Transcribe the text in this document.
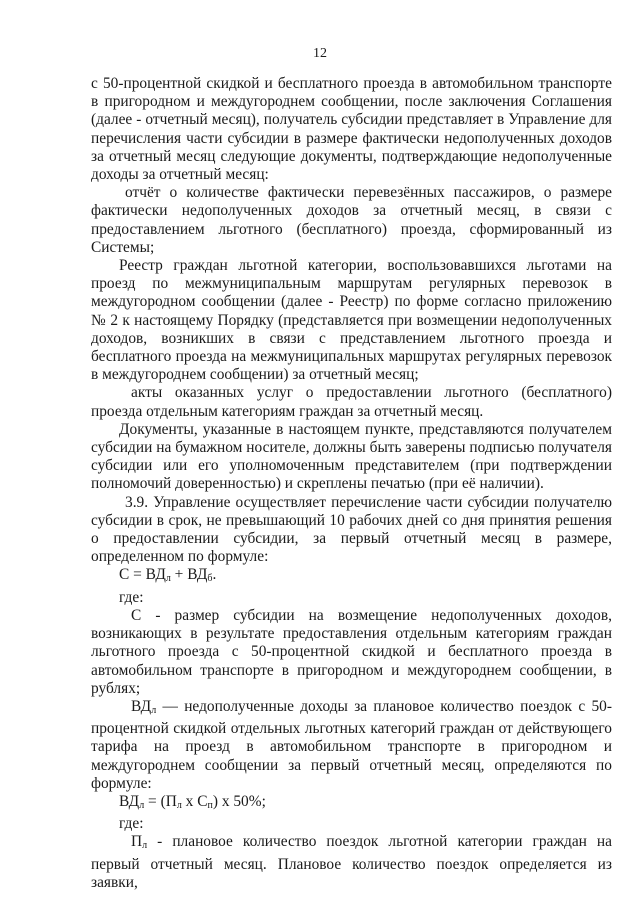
12

с 50-процентной скидкой и бесплатного проезда в автомобильном транспорте в пригородном и междугороднем сообщении, после заключения Соглашения (далее - отчетный месяц), получатель субсидии представляет в Управление для перечисления части субсидии в размере фактически недополученных доходов за отчетный месяц следующие документы, подтверждающие недополученные доходы за отчетный месяц:

отчёт о количестве фактически перевезённых пассажиров, о размере фактически недополученных доходов за отчетный месяц, в связи с предоставлением льготного (бесплатного) проезда, сформированный из Системы;

Реестр граждан льготной категории, воспользовавшихся льготами на проезд по межмуниципальным маршрутам регулярных перевозок в междугородном сообщении (далее - Реестр) по форме согласно приложению № 2 к настоящему Порядку (представляется при возмещении недополученных доходов, возникших в связи с представлением льготного проезда и бесплатного проезда на межмуниципальных маршрутах регулярных перевозок в междугороднем сообщении) за отчетный месяц;

акты оказанных услуг о предоставлении льготного (бесплатного) проезда отдельным категориям граждан за отчетный месяц.

Документы, указанные в настоящем пункте, представляются получателем субсидии на бумажном носителе, должны быть заверены подписью получателя субсидии или его уполномоченным представителем (при подтверждении полномочий доверенностью) и скреплены печатью (при её наличии).

3.9. Управление осуществляет перечисление части субсидии получателю субсидии в срок, не превышающий 10 рабочих дней со дня принятия решения о предоставлении субсидии, за первый отчетный месяц в размере, определенном по формуле:

$С = ВД_л + ВД_б$.

где:

С - размер субсидии на возмещение недополученных доходов, возникающих в результате предоставления отдельным категориям граждан льготного проезда с 50-процентной скидкой и бесплатного проезда в автомобильном транспорте в пригородном и междугороднем сообщении, в рублях;

$ВД_л$ — недополученные доходы за плановое количество поездок с 50-процентной скидкой отдельных льготных категорий граждан от действующего тарифа на проезд в автомобильном транспорте в пригородном и междугороднем сообщении за первый отчетный месяц, определяются по формуле:

$ВД_л = (П_л$ х $С_п$) х 50%;

где:

$П_л$ - плановое количество поездок льготной категории граждан на первый отчетный месяц. Плановое количество поездок определяется из заявки,
